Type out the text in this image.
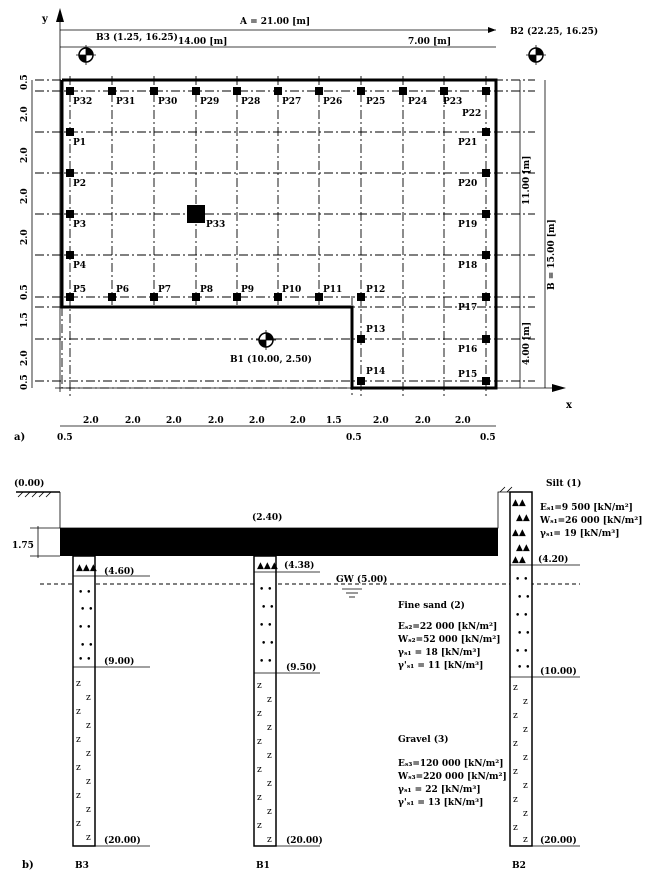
y
x
A = 21.00 [m]
14.00 [m]	7.00 [m]
11.00 [m]
4.00 [m]
B = 15.00 [m]
0.5
2.0
2.0
2.0
2.0
0.5
1.5
2.0
0.5
2.0	2.0	2.0	2.0	2.0	2.0 1.5	2.0	2.0	2.0
0.5	0.5	0.5
a)
B3 (1.25, 16.25)
B2 (22.25, 16.25)
B1 (10.00, 2.50)
P32	P31	P30	P29 P28 P27 P26	P25	P24 P23
P22
P1
P2
P3
P4
P21
P20
P19
P18
P17
P16
P15
P5	P6	P7	P8	P9	P10 P11	P12
P13
P14
P33
(0.00)
(2.40)
1.75
GW (5.00)
▲▲▲
• •
• •
• •
• •
• •
z
z
z
z
z
z
z
z
z
z
z
z
(4.60)
(9.00)
(20.00)
B3
▲▲▲
• •
• •
• •
• •
• •
z
z
z
z
z
z
z
z
z
z
z
z
(4.38)
(9.50)
(20.00)
B1
▲▲
▲▲
▲▲
▲▲
▲▲
• •
• •
• •
• •
• •
• •
z
z
z
z
z
z
z
z
z
z
z
z
(4.20)
(10.00)
(20.00)
B2
Silt (1)
Eₛ₁=9 500 [kN/m²]
Wₛ₁=26 000 [kN/m²]
γₛ₁= 19 [kN/m³]
Fine sand (2)
Eₛ₂=22 000 [kN/m²]
Wₛ₂=52 000 [kN/m²]
γₛ₁ = 18 [kN/m³]
γ'ₛ₁ = 11 [kN/m³]
Gravel (3)
Eₛ₃=120 000 [kN/m²]
Wₛ₃=220 000 [kN/m²]
γₛ₁ = 22 [kN/m³]
γ'ₛ₁ = 13 [kN/m³]
b)
